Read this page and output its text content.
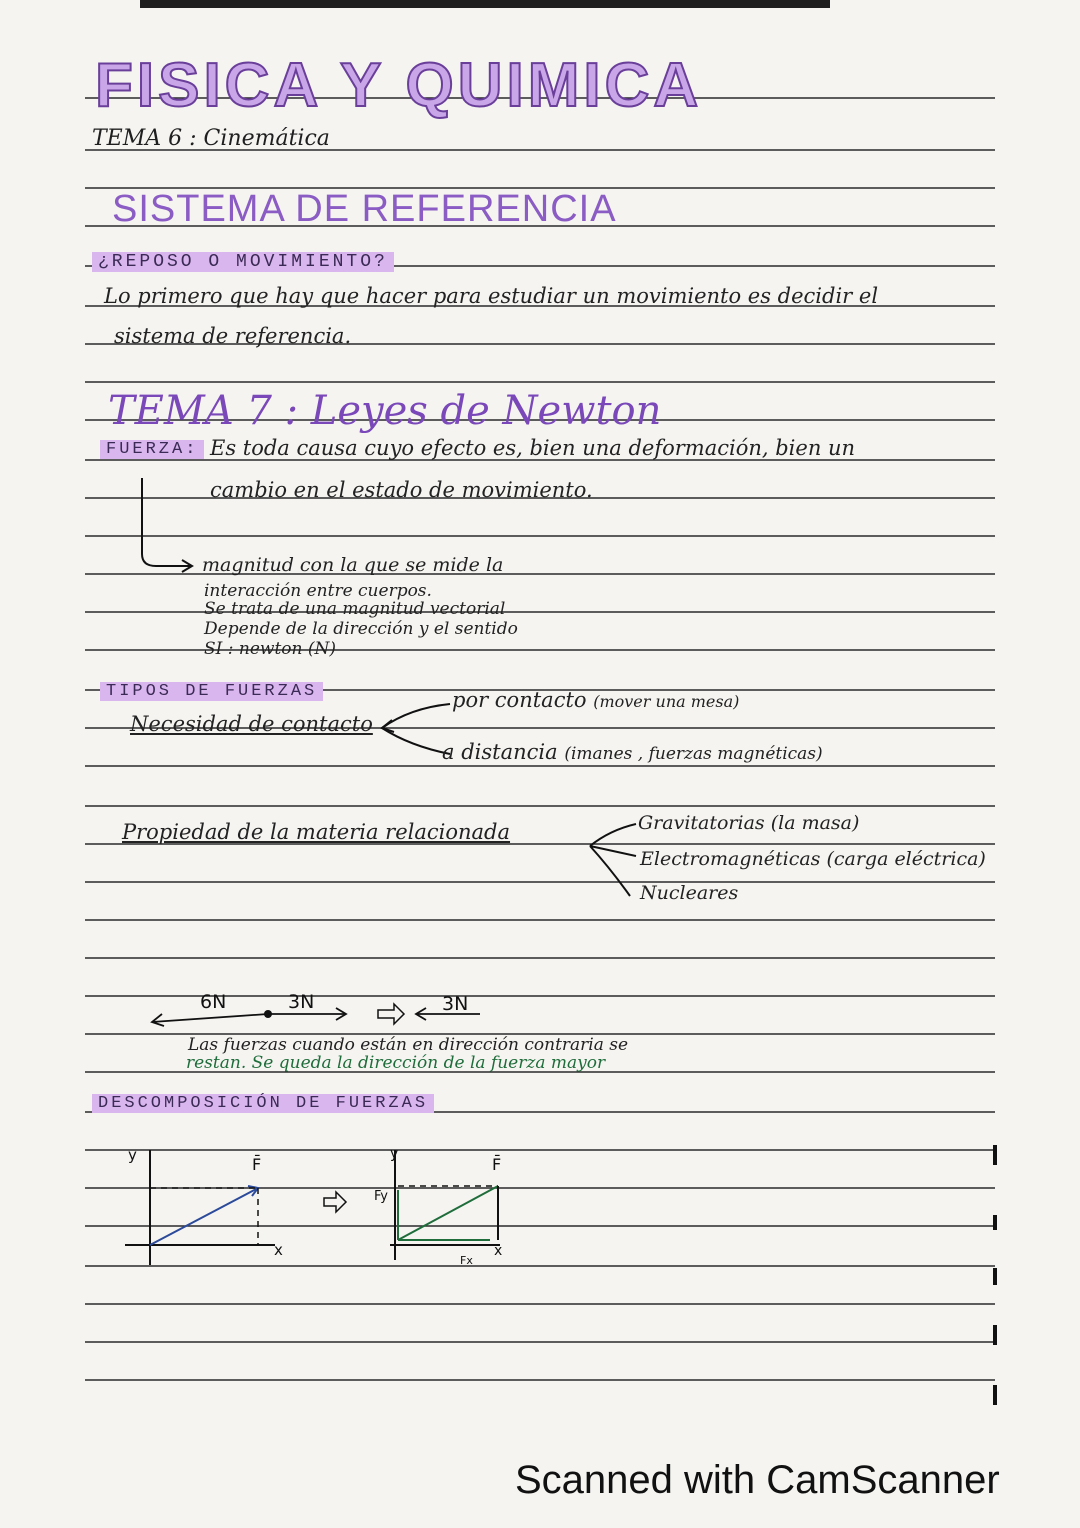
FISICA Y QUIMICA
TEMA 6 : Cinemática
SISTEMA DE REFERENCIA
¿REPOSO O MOVIMIENTO?
Lo primero que hay que hacer para estudiar un movimiento es decidir el
sistema de referencia.
TEMA 7 : Leyes de Newton
FUERZA: Es toda causa cuyo efecto es, bien una deformación, bien un
cambio en el estado de movimiento.
magnitud con la que se mide la
interacción entre cuerpos.
Se trata de una magnitud vectorial
Depende de la dirección y el sentido
SI : newton (N)
TIPOS DE FUERZAS
Necesidad de contacto
por contacto (mover una mesa)
a distancia (imanes , fuerzas magnéticas)
Propiedad de la materia relacionada	Gravitatorias (la masa)
Electromagnéticas (carga eléctrica)
Nucleares
6N	3N	3N
Las fuerzas cuando están en dirección contraria se
restan. Se queda la dirección de la fuerza mayor
DESCOMPOSICIÓN DE FUERZAS
y
x
F̄
y
x
Fy
Fx
F̄
Scanned with CamScanner
